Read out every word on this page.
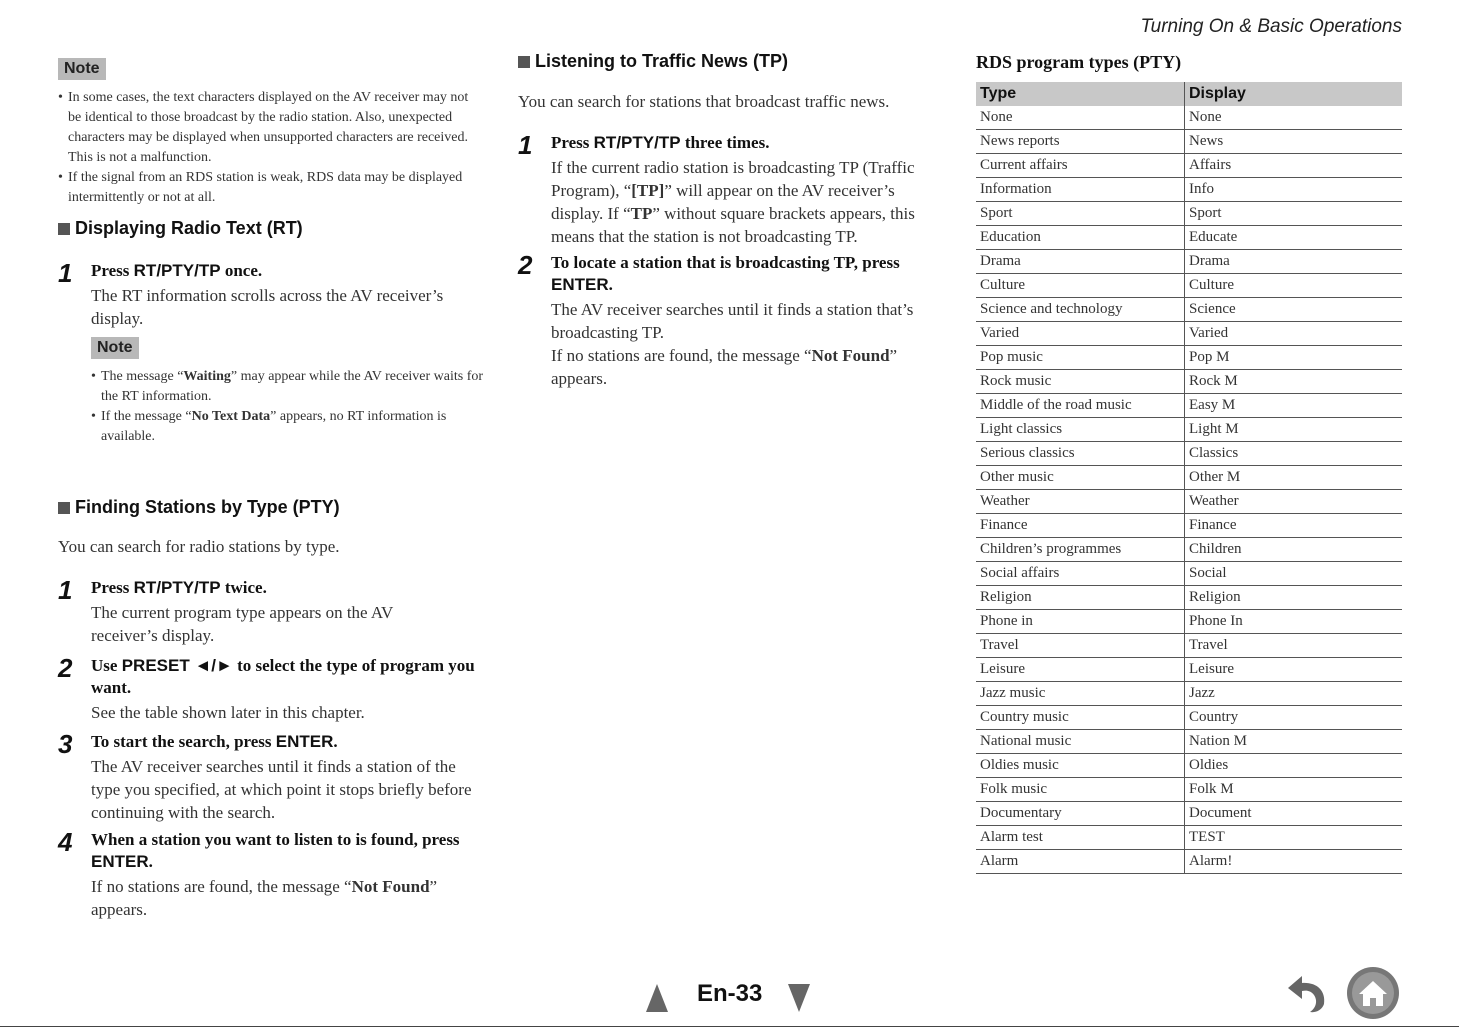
Turning On & Basic Operations
Note
• In some cases, the text characters displayed on the AV receiver may not be identical to those broadcast by the radio station. Also, unexpected characters may be displayed when unsupported characters are received. This is not a malfunction.
• If the signal from an RDS station is weak, RDS data may be displayed intermittently or not at all.
Displaying Radio Text (RT)
1 Press RT/PTY/TP once.
The RT information scrolls across the AV receiver’s display.
Note
• The message “Waiting” may appear while the AV receiver waits for the RT information.
• If the message “No Text Data” appears, no RT information is available.
Finding Stations by Type (PTY)
You can search for radio stations by type.
1 Press RT/PTY/TP twice.
The current program type appears on the AV receiver’s display.
2 Use PRESET ◄/► to select the type of program you want.
See the table shown later in this chapter.
3 To start the search, press ENTER.
The AV receiver searches until it finds a station of the type you specified, at which point it stops briefly before continuing with the search.
4 When a station you want to listen to is found, press ENTER.
If no stations are found, the message “Not Found” appears.
Listening to Traffic News (TP)
You can search for stations that broadcast traffic news.
1 Press RT/PTY/TP three times.
If the current radio station is broadcasting TP (Traffic Program), “[TP]” will appear on the AV receiver’s display. If “TP” without square brackets appears, this means that the station is not broadcasting TP.
2 To locate a station that is broadcasting TP, press ENTER.
The AV receiver searches until it finds a station that’s broadcasting TP.
If no stations are found, the message “Not Found” appears.
RDS program types (PTY)
Type	Display
None	None
News reports	News
Current affairs	Affairs
Information	Info
Sport	Sport
Education	Educate
Drama	Drama
Culture	Culture
Science and technology	Science
Varied	Varied
Pop music	Pop M
Rock music	Rock M
Middle of the road music	Easy M
Light classics	Light M
Serious classics	Classics
Other music	Other M
Weather	Weather
Finance	Finance
Children’s programmes	Children
Social affairs	Social
Religion	Religion
Phone in	Phone In
Travel	Travel
Leisure	Leisure
Jazz music	Jazz
Country music	Country
National music	Nation M
Oldies music	Oldies
Folk music	Folk M
Documentary	Document
Alarm test	TEST
Alarm	Alarm!
En-33
